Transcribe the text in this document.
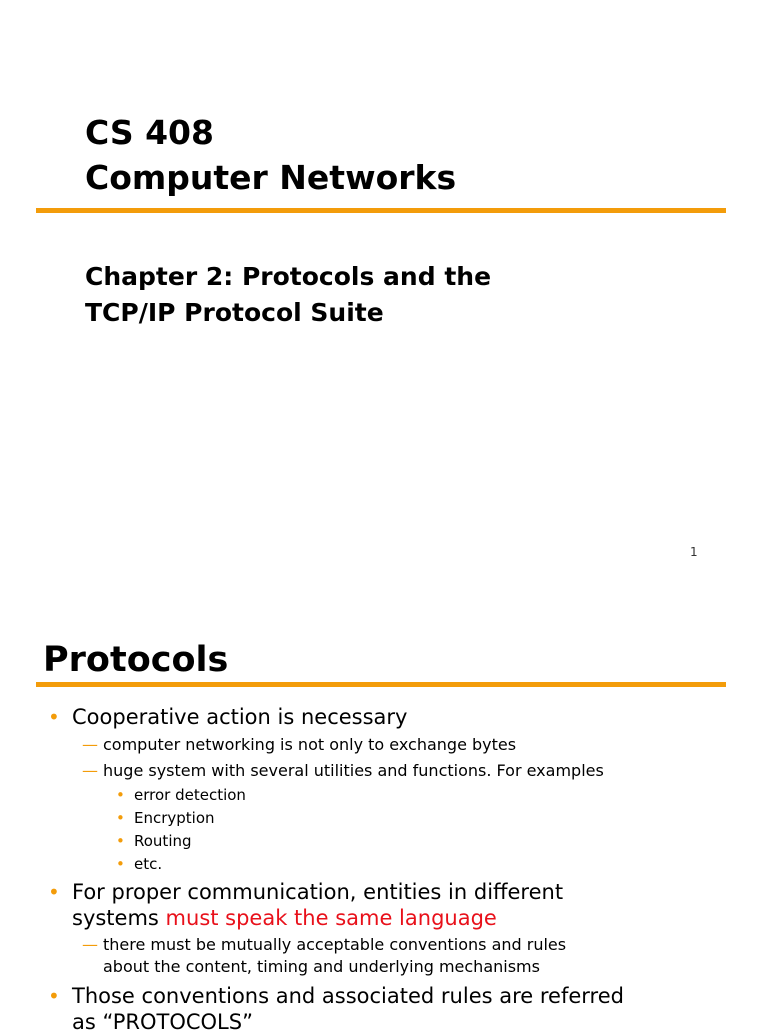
CS 408
Computer Networks
Chapter 2: Protocols and the
TCP/IP Protocol Suite
1
Protocols
• Cooperative action is necessary
— computer networking is not only to exchange bytes
— huge system with several utilities and functions. For examples
• error detection
• Encryption
• Routing
• etc.
• For proper communication, entities in different
systems must speak the same language
— there must be mutually acceptable conventions and rules
about the content, timing and underlying mechanisms
• Those conventions and associated rules are referred
as “PROTOCOLS”
